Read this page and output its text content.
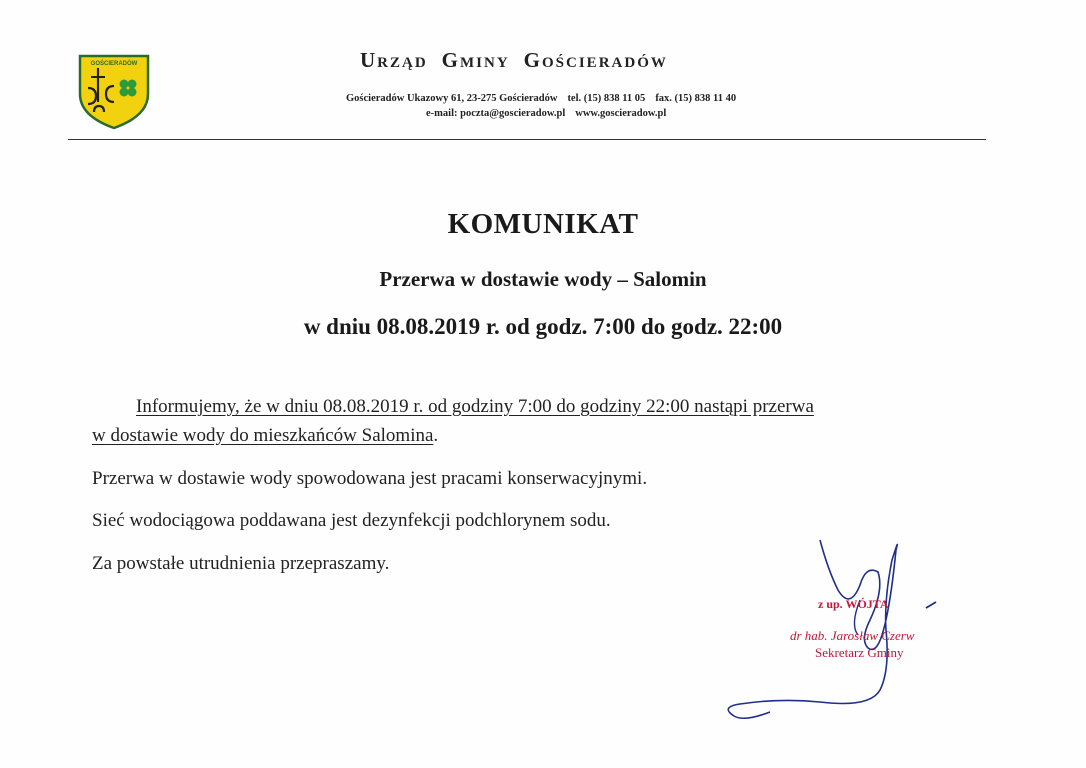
GOŚCIERADÓW	Urząd Gminy Gościeradów
Gościeradów Ukazowy 61, 23-275 Gościeradów tel. (15) 838 11 05 fax. (15) 838 11 40
e-mail: poczta@goscieradow.pl www.goscieradow.pl
KOMUNIKAT
Przerwa w dostawie wody – Salomin
w dniu 08.08.2019 r. od godz. 7:00 do godz. 22:00
Informujemy, że w dniu 08.08.2019 r. od godziny 7:00 do godziny 22:00 nastąpi przerwa
w dostawie wody do mieszkańców Salomina.
Przerwa w dostawie wody spowodowana jest pracami konserwacyjnymi.
Sieć wodociągowa poddawana jest dezynfekcji podchlorynem sodu.
Za powstałe utrudnienia przepraszamy.
z up. WÓJTA
dr hab. Jarosław Czerw
Sekretarz Gminy
